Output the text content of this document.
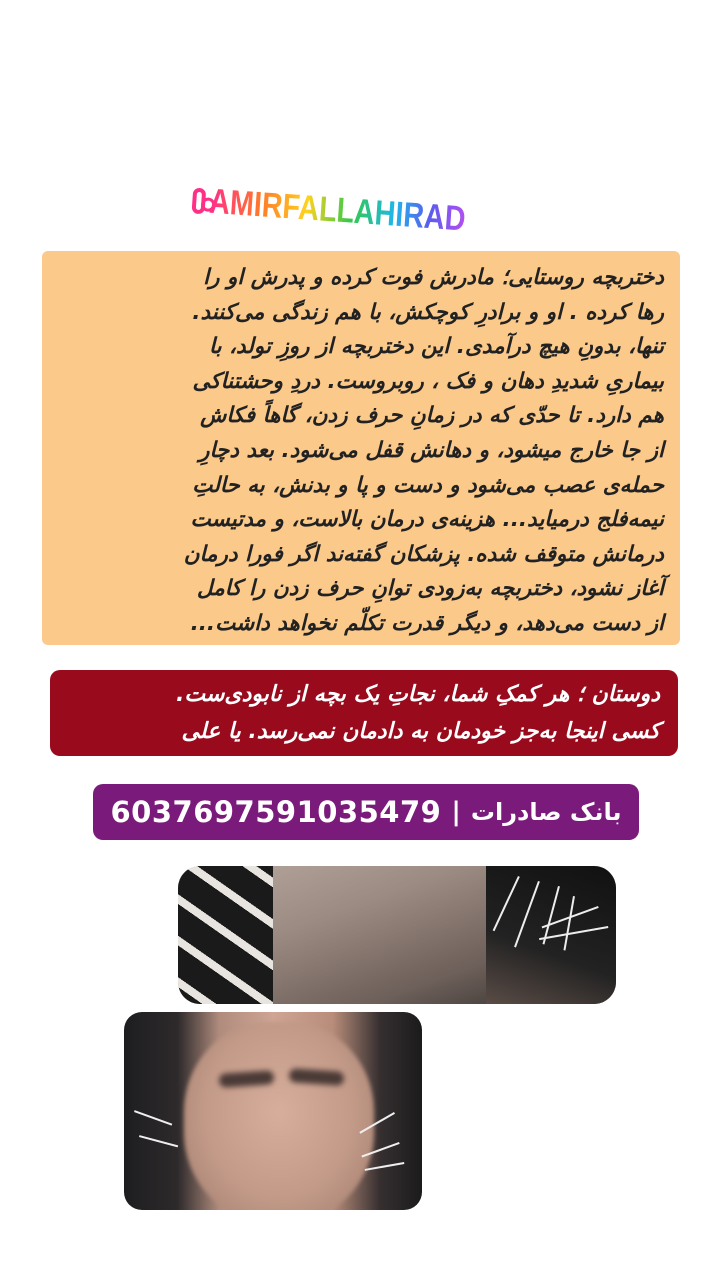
AMIRFALLAHIRAD
دختربچه روستایی؛ مادرش فوت کرده و پدرش او را
رها کرده . او و برادرِ کوچکش، با هم زندگی می‌کنند.
تنها، بدونِ هیچ درآمدی. این دختربچه از روزِ تولد، با
بیماریِ شدیدِ دهان و فک ، روبروست. دردِ وحشتناکی
هم دارد. تا حدّی که در زمانِ حرف زدن، گاهاً فکاش
از جا خارج میشود، و دهانش قفل می‌شود. بعد دچارِ
حمله‌ی عصب می‌شود و دست و پا و بدنش، به حالتِ
نیمه‌فلج درمیاید... هزینه‌ی درمان بالاست، و مدتیست
درمانش متوقف شده. پزشکان گفته‌ند اگر فورا درمان
آغاز نشود، دختربچه به‌زودی توانِ حرف زدن را کامل
از دست می‌دهد، و دیگر قدرت تکلّم نخواهد داشت...
دوستان ؛ هر کمکِ شما، نجاتِ یک بچه از نابودی‌ست.
کسی اینجا به‌جز خودمان به دادمان نمی‌رسد. یا علی
6037697591035479 | بانک صادرات
